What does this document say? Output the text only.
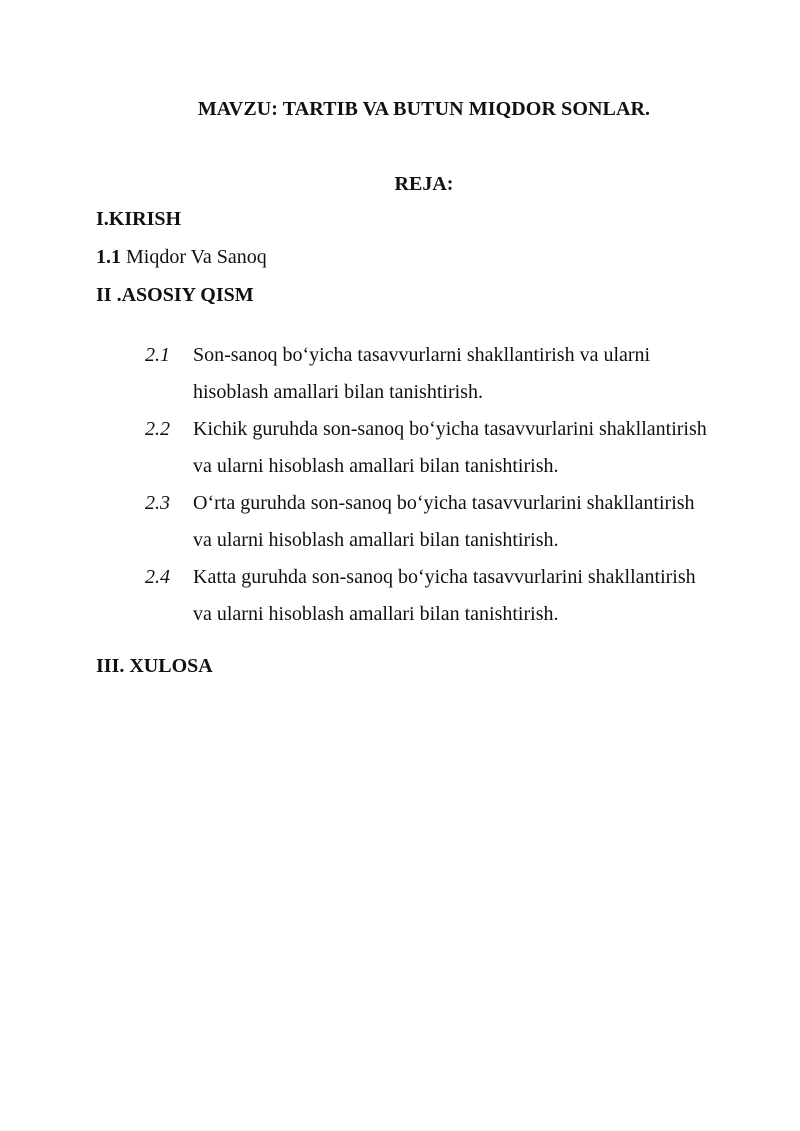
MAVZU: TARTIB VA BUTUN MIQDOR SONLAR.
REJA:
I.KIRISH
1.1 Miqdor Va Sanoq
II .ASOSIY QISM
2.1	Son-sanoq bo‘yicha tasavvurlarni shakllantirish va ularni
hisoblash amallari bilan tanishtirish.
2.2	Kichik guruhda son-sanoq bo‘yicha tasavvurlarini shakllantirish
va ularni hisoblash amallari bilan tanishtirish.
2.3	O‘rta guruhda son-sanoq bo‘yicha tasavvurlarini shakllantirish
va ularni hisoblash amallari bilan tanishtirish.
2.4	Katta guruhda son-sanoq bo‘yicha tasavvurlarini shakllantirish
va ularni hisoblash amallari bilan tanishtirish.
III. XULOSA
